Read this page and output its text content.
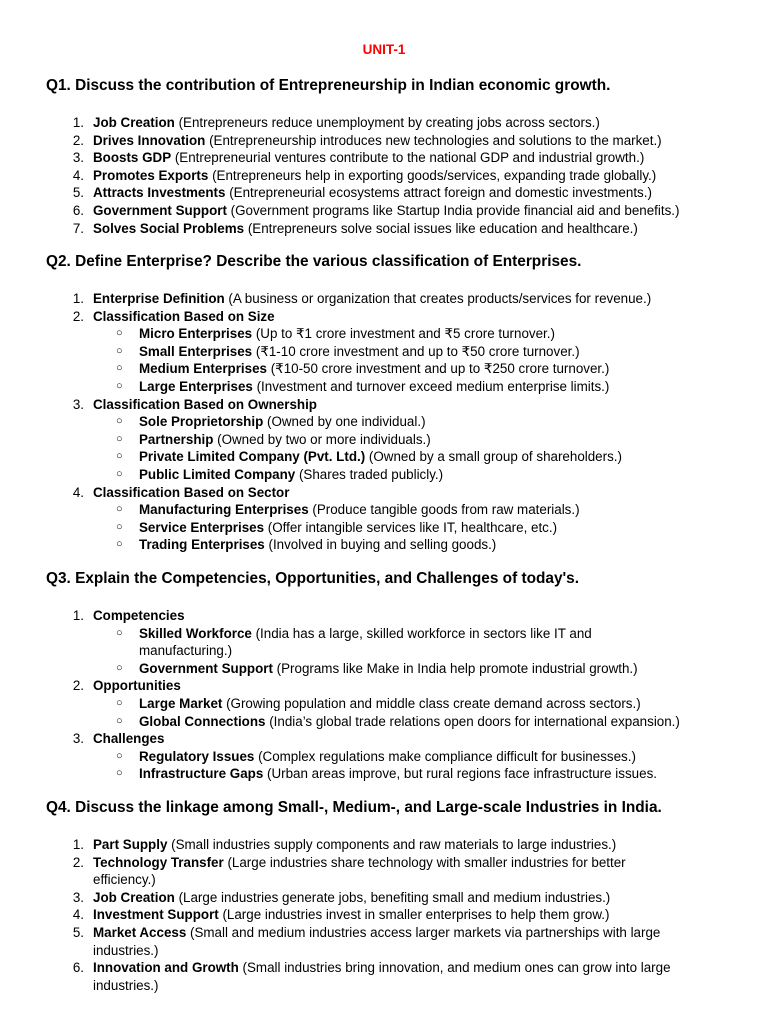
UNIT-1
Q1. Discuss the contribution of Entrepreneurship in Indian economic growth.
1. Job Creation (Entrepreneurs reduce unemployment by creating jobs across sectors.)
2. Drives Innovation (Entrepreneurship introduces new technologies and solutions to the market.)
3. Boosts GDP (Entrepreneurial ventures contribute to the national GDP and industrial growth.)
4. Promotes Exports (Entrepreneurs help in exporting goods/services, expanding trade globally.)
5. Attracts Investments (Entrepreneurial ecosystems attract foreign and domestic investments.)
6. Government Support (Government programs like Startup India provide financial aid and benefits.)
7. Solves Social Problems (Entrepreneurs solve social issues like education and healthcare.)
Q2. Define Enterprise? Describe the various classification of Enterprises.
1. Enterprise Definition (A business or organization that creates products/services for revenue.)
2. Classification Based on Size
○ Micro Enterprises (Up to ₹1 crore investment and ₹5 crore turnover.)
○ Small Enterprises (₹1-10 crore investment and up to ₹50 crore turnover.)
○ Medium Enterprises (₹10-50 crore investment and up to ₹250 crore turnover.)
○ Large Enterprises (Investment and turnover exceed medium enterprise limits.)
3. Classification Based on Ownership
○ Sole Proprietorship (Owned by one individual.)
○ Partnership (Owned by two or more individuals.)
○ Private Limited Company (Pvt. Ltd.) (Owned by a small group of shareholders.)
○ Public Limited Company (Shares traded publicly.)
4. Classification Based on Sector
○ Manufacturing Enterprises (Produce tangible goods from raw materials.)
○ Service Enterprises (Offer intangible services like IT, healthcare, etc.)
○ Trading Enterprises (Involved in buying and selling goods.)
Q3. Explain the Competencies, Opportunities, and Challenges of today's.
1. Competencies
○ Skilled Workforce (India has a large, skilled workforce in sectors like IT and
manufacturing.)
○ Government Support (Programs like Make in India help promote industrial growth.)
2. Opportunities
○ Large Market (Growing population and middle class create demand across sectors.)
○ Global Connections (India’s global trade relations open doors for international expansion.)
3. Challenges
○ Regulatory Issues (Complex regulations make compliance difficult for businesses.)
○ Infrastructure Gaps (Urban areas improve, but rural regions face infrastructure issues.
Q4. Discuss the linkage among Small-, Medium-, and Large-scale Industries in India.
1. Part Supply (Small industries supply components and raw materials to large industries.)
2. Technology Transfer (Large industries share technology with smaller industries for better
efficiency.)
3. Job Creation (Large industries generate jobs, benefiting small and medium industries.)
4. Investment Support (Large industries invest in smaller enterprises to help them grow.)
5. Market Access (Small and medium industries access larger markets via partnerships with large
industries.)
6. Innovation and Growth (Small industries bring innovation, and medium ones can grow into large
industries.)
